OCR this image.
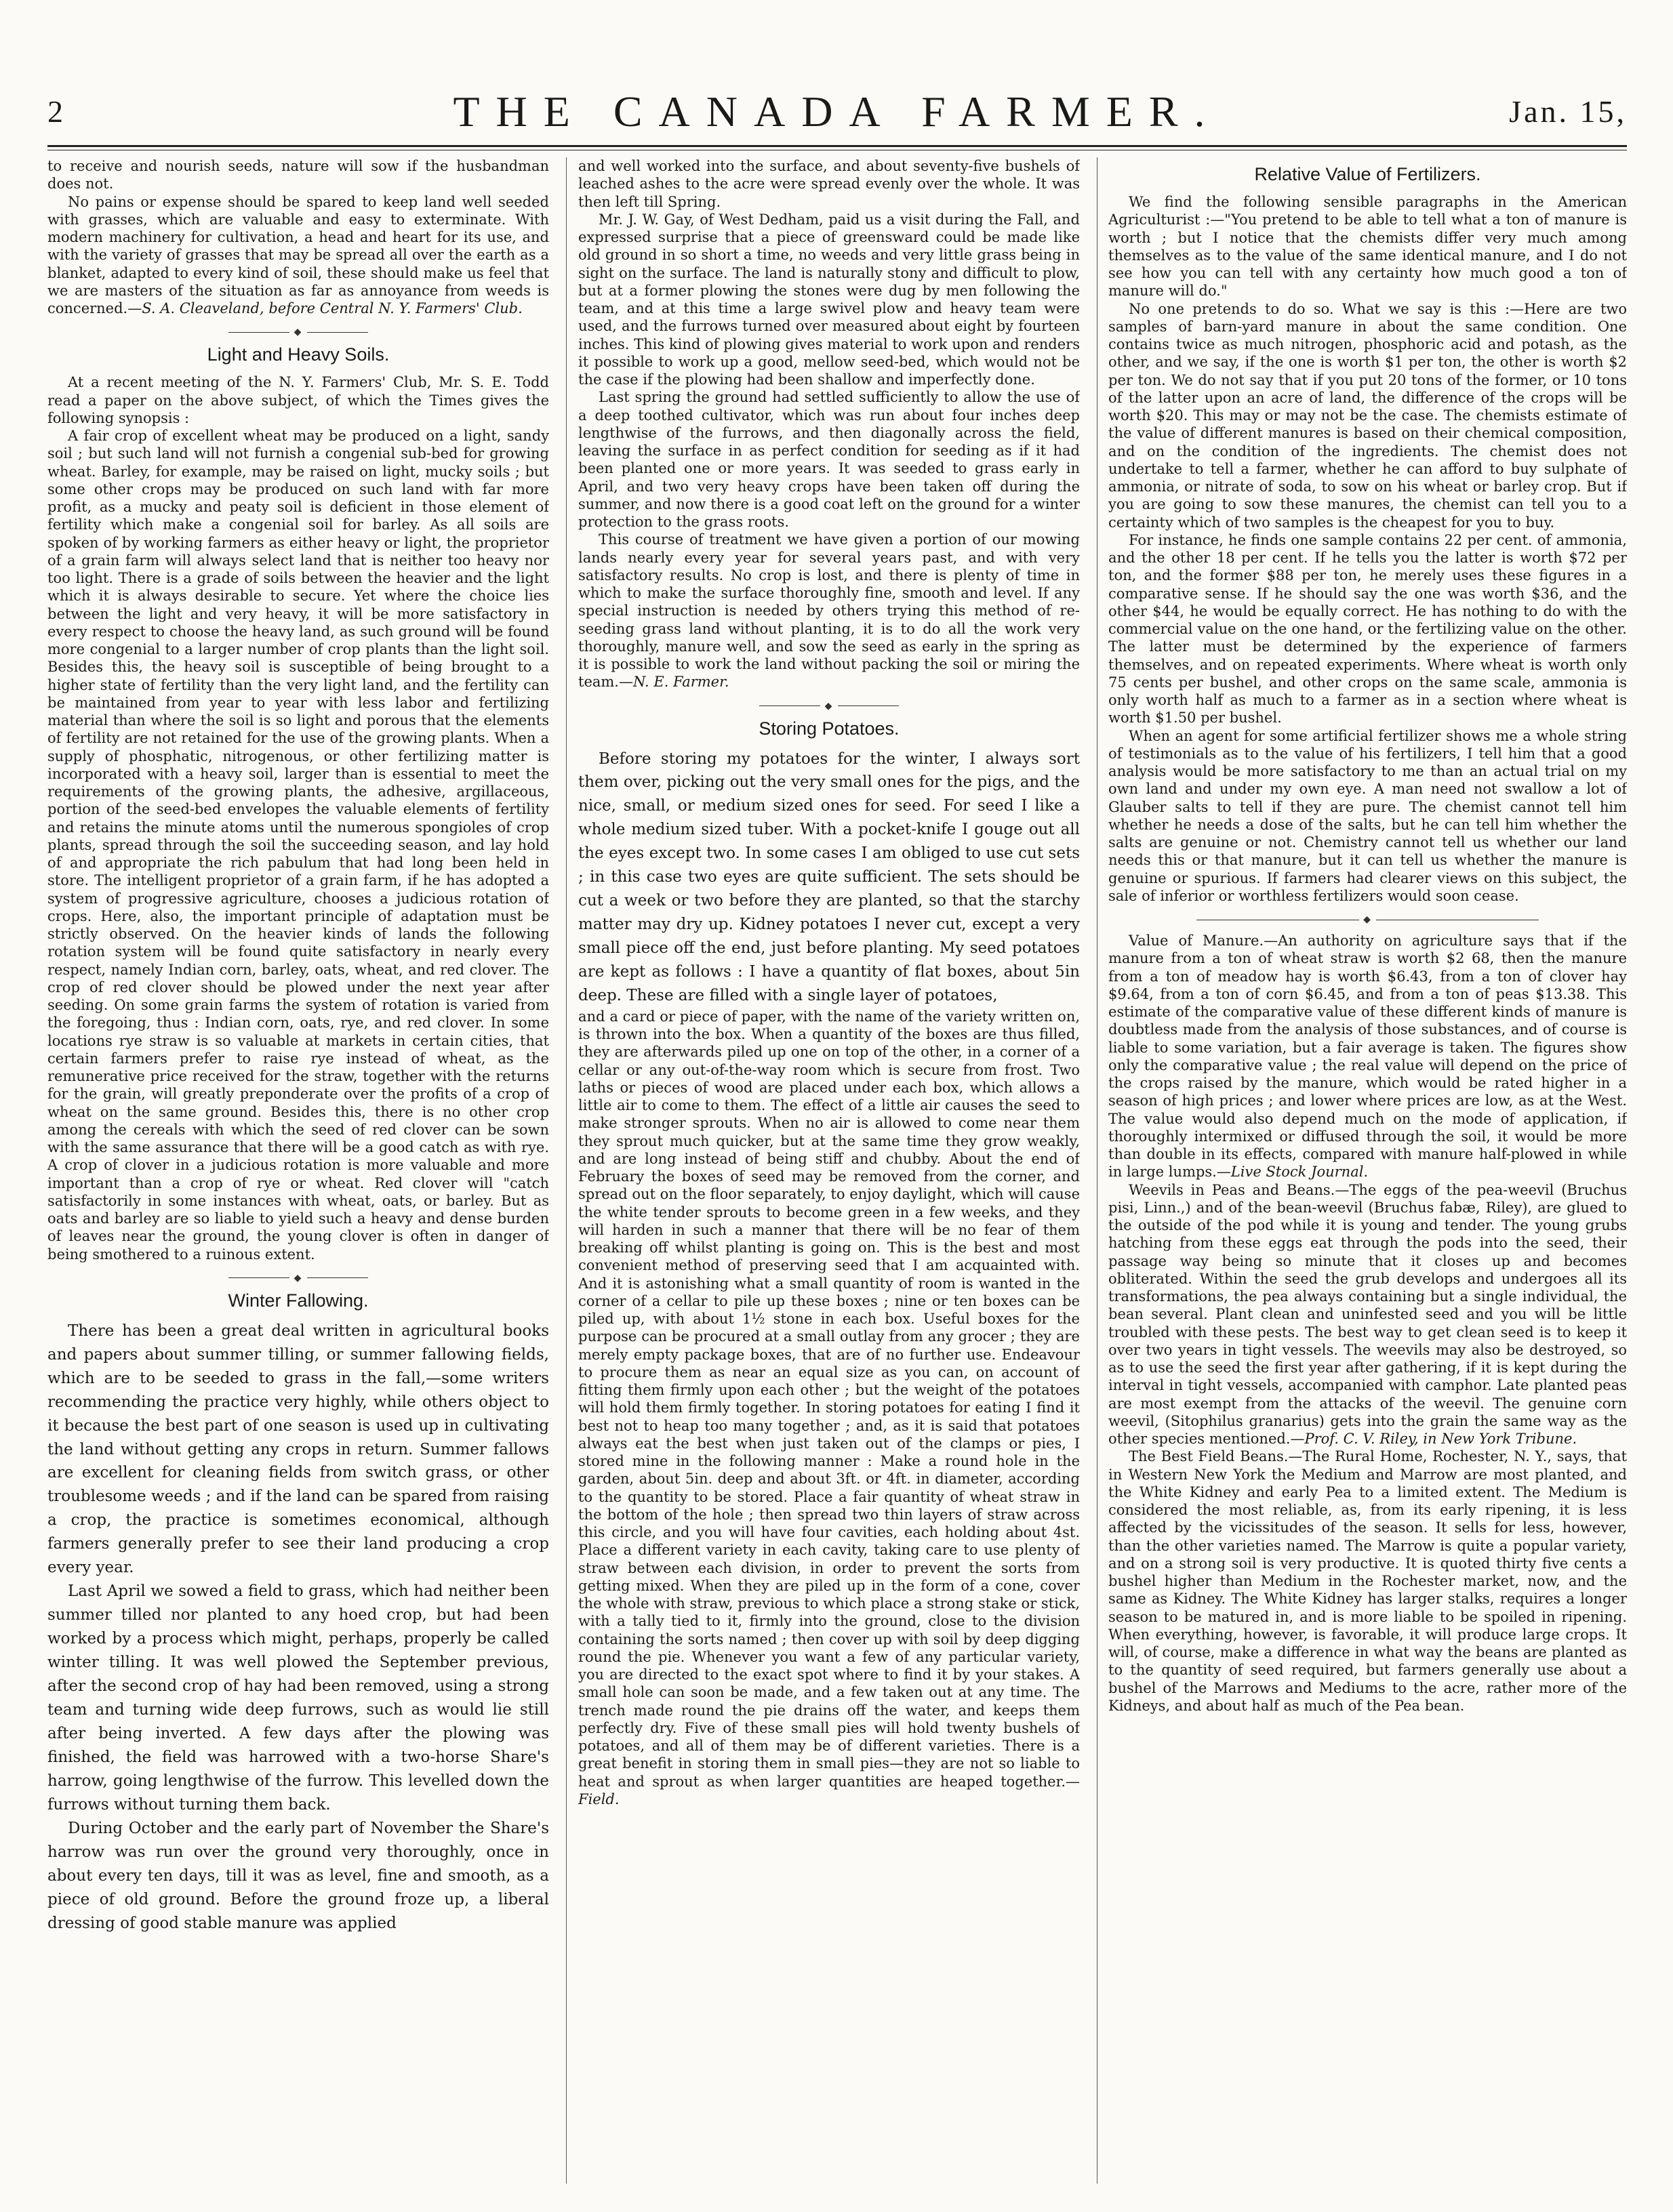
2	THE CANADA FARMER.	Jan. 15,

to receive and nourish seeds, nature will sow if the husbandman does not.

No pains or expense should be spared to keep land well seeded with grasses, which are valuable and easy to exterminate. With modern machinery for cultivation, a head and heart for its use, and with the variety of grasses that may be spread all over the earth as a blanket, adapted to every kind of soil, these should make us feel that we are masters of the situation as far as annoyance from weeds is concerned.—S. A. Cleaveland, before Central N. Y. Farmers' Club.

◆
Light and Heavy Soils.

At a recent meeting of the N. Y. Farmers' Club, Mr. S. E. Todd read a paper on the above subject, of which the Times gives the following synopsis :

A fair crop of excellent wheat may be produced on a light, sandy soil ; but such land will not furnish a congenial sub-bed for growing wheat. Barley, for example, may be raised on light, mucky soils ; but some other crops may be produced on such land with far more profit, as a mucky and peaty soil is deficient in those element of fertility which make a congenial soil for barley. As all soils are spoken of by working farmers as either heavy or light, the proprietor of a grain farm will always select land that is neither too heavy nor too light. There is a grade of soils between the heavier and the light which it is always desirable to secure. Yet where the choice lies between the light and very heavy, it will be more satisfactory in every respect to choose the heavy land, as such ground will be found more congenial to a larger number of crop plants than the light soil. Besides this, the heavy soil is susceptible of being brought to a higher state of fertility than the very light land, and the fertility can be maintained from year to year with less labor and fertilizing material than where the soil is so light and porous that the elements of fertility are not retained for the use of the growing plants. When a supply of phosphatic, nitrogenous, or other fertilizing matter is incorporated with a heavy soil, larger than is essential to meet the requirements of the growing plants, the adhesive, argillaceous, portion of the seed-bed envelopes the valuable elements of fertility and retains the minute atoms until the numerous spongioles of crop plants, spread through the soil the succeeding season, and lay hold of and appropriate the rich pabulum that had long been held in store. The intelligent proprietor of a grain farm, if he has adopted a system of progressive agriculture, chooses a judicious rotation of crops. Here, also, the important principle of adaptation must be strictly observed. On the heavier kinds of lands the following rotation system will be found quite satisfactory in nearly every respect, namely Indian corn, barley, oats, wheat, and red clover. The crop of red clover should be plowed under the next year after seeding. On some grain farms the system of rotation is varied from the foregoing, thus : Indian corn, oats, rye, and red clover. In some locations rye straw is so valuable at markets in certain cities, that certain farmers prefer to raise rye instead of wheat, as the remunerative price received for the straw, together with the returns for the grain, will greatly preponderate over the profits of a crop of wheat on the same ground. Besides this, there is no other crop among the cereals with which the seed of red clover can be sown with the same assurance that there will be a good catch as with rye. A crop of clover in a judicious rotation is more valuable and more important than a crop of rye or wheat. Red clover will "catch satisfactorily in some instances with wheat, oats, or barley. But as oats and barley are so liable to yield such a heavy and dense burden of leaves near the ground, the young clover is often in danger of being smothered to a ruinous extent.

◆
Winter Fallowing.

There has been a great deal written in agricultural books and papers about summer tilling, or summer fallowing fields, which are to be seeded to grass in the fall,—some writers recommending the practice very highly, while others object to it because the best part of one season is used up in cultivating the land without getting any crops in return. Summer fallows are excellent for cleaning fields from switch grass, or other troublesome weeds ; and if the land can be spared from raising a crop, the practice is sometimes economical, although farmers generally prefer to see their land producing a crop every year.

Last April we sowed a field to grass, which had neither been summer tilled nor planted to any hoed crop, but had been worked by a process which might, perhaps, properly be called winter tilling. It was well plowed the September previous, after the second crop of hay had been removed, using a strong team and turning wide deep furrows, such as would lie still after being inverted. A few days after the plowing was finished, the field was harrowed with a two-horse Share's harrow, going lengthwise of the furrow. This levelled down the furrows without turning them back.

During October and the early part of November the Share's harrow was run over the ground very thoroughly, once in about every ten days, till it was as level, fine and smooth, as a piece of old ground. Before the ground froze up, a liberal dressing of good stable manure was applied

and well worked into the surface, and about seventy-five bushels of leached ashes to the acre were spread evenly over the whole. It was then left till Spring.

Mr. J. W. Gay, of West Dedham, paid us a visit during the Fall, and expressed surprise that a piece of greensward could be made like old ground in so short a time, no weeds and very little grass being in sight on the surface. The land is naturally stony and difficult to plow, but at a former plowing the stones were dug by men following the team, and at this time a large swivel plow and heavy team were used, and the furrows turned over measured about eight by fourteen inches. This kind of plowing gives material to work upon and renders it possible to work up a good, mellow seed-bed, which would not be the case if the plowing had been shallow and imperfectly done.

Last spring the ground had settled sufficiently to allow the use of a deep toothed cultivator, which was run about four inches deep lengthwise of the furrows, and then diagonally across the field, leaving the surface in as perfect condition for seeding as if it had been planted one or more years. It was seeded to grass early in April, and two very heavy crops have been taken off during the summer, and now there is a good coat left on the ground for a winter protection to the grass roots.

This course of treatment we have given a portion of our mowing lands nearly every year for several years past, and with very satisfactory results. No crop is lost, and there is plenty of time in which to make the surface thoroughly fine, smooth and level. If any special instruction is needed by others trying this method of re-seeding grass land without planting, it is to do all the work very thoroughly, manure well, and sow the seed as early in the spring as it is possible to work the land without packing the soil or miring the team.—N. E. Farmer.

◆
Storing Potatoes.

Before storing my potatoes for the winter, I always sort them over, picking out the very small ones for the pigs, and the nice, small, or medium sized ones for seed. For seed I like a whole medium sized tuber. With a pocket-knife I gouge out all the eyes except two. In some cases I am obliged to use cut sets ; in this case two eyes are quite sufficient. The sets should be cut a week or two before they are planted, so that the starchy matter may dry up. Kidney potatoes I never cut, except a very small piece off the end, just before planting. My seed potatoes are kept as follows : I have a quantity of flat boxes, about 5in deep. These are filled with a single layer of potatoes,

and a card or piece of paper, with the name of the variety written on, is thrown into the box. When a quantity of the boxes are thus filled, they are afterwards piled up one on top of the other, in a corner of a cellar or any out-of-the-way room which is secure from frost. Two laths or pieces of wood are placed under each box, which allows a little air to come to them. The effect of a little air causes the seed to make stronger sprouts. When no air is allowed to come near them they sprout much quicker, but at the same time they grow weakly, and are long instead of being stiff and chubby. About the end of February the boxes of seed may be removed from the corner, and spread out on the floor separately, to enjoy daylight, which will cause the white tender sprouts to become green in a few weeks, and they will harden in such a manner that there will be no fear of them breaking off whilst planting is going on. This is the best and most convenient method of preserving seed that I am acquainted with. And it is astonishing what a small quantity of room is wanted in the corner of a cellar to pile up these boxes ; nine or ten boxes can be piled up, with about 1½ stone in each box. Useful boxes for the purpose can be procured at a small outlay from any grocer ; they are merely empty package boxes, that are of no further use. Endeavour to procure them as near an equal size as you can, on account of fitting them firmly upon each other ; but the weight of the potatoes will hold them firmly together. In storing potatoes for eating I find it best not to heap too many together ; and, as it is said that potatoes always eat the best when just taken out of the clamps or pies, I stored mine in the following manner : Make a round hole in the garden, about 5in. deep and about 3ft. or 4ft. in diameter, according to the quantity to be stored. Place a fair quantity of wheat straw in the bottom of the hole ; then spread two thin layers of straw across this circle, and you will have four cavities, each holding about 4st. Place a different variety in each cavity, taking care to use plenty of straw between each division, in order to prevent the sorts from getting mixed. When they are piled up in the form of a cone, cover the whole with straw, previous to which place a strong stake or stick, with a tally tied to it, firmly into the ground, close to the division containing the sorts named ; then cover up with soil by deep digging round the pie. Whenever you want a few of any particular variety, you are directed to the exact spot where to find it by your stakes. A small hole can soon be made, and a few taken out at any time. The trench made round the pie drains off the water, and keeps them perfectly dry. Five of these small pies will hold twenty bushels of potatoes, and all of them may be of different varieties. There is a great benefit in storing them in small pies—they are not so liable to heat and sprout as when larger quantities are heaped together.—Field.

Relative Value of Fertilizers.

We find the following sensible paragraphs in the American Agriculturist :—"You pretend to be able to tell what a ton of manure is worth ; but I notice that the chemists differ very much among themselves as to the value of the same identical manure, and I do not see how you can tell with any certainty how much good a ton of manure will do."

No one pretends to do so. What we say is this :—Here are two samples of barn-yard manure in about the same condition. One contains twice as much nitrogen, phosphoric acid and potash, as the other, and we say, if the one is worth $1 per ton, the other is worth $2 per ton. We do not say that if you put 20 tons of the former, or 10 tons of the latter upon an acre of land, the difference of the crops will be worth $20. This may or may not be the case. The chemists estimate of the value of different manures is based on their chemical composition, and on the condition of the ingredients. The chemist does not undertake to tell a farmer, whether he can afford to buy sulphate of ammonia, or nitrate of soda, to sow on his wheat or barley crop. But if you are going to sow these manures, the chemist can tell you to a certainty which of two samples is the cheapest for you to buy.

For instance, he finds one sample contains 22 per cent. of ammonia, and the other 18 per cent. If he tells you the latter is worth $72 per ton, and the former $88 per ton, he merely uses these figures in a comparative sense. If he should say the one was worth $36, and the other $44, he would be equally correct. He has nothing to do with the commercial value on the one hand, or the fertilizing value on the other. The latter must be determined by the experience of farmers themselves, and on repeated experiments. Where wheat is worth only 75 cents per bushel, and other crops on the same scale, ammonia is only worth half as much to a farmer as in a section where wheat is worth $1.50 per bushel.

When an agent for some artificial fertilizer shows me a whole string of testimonials as to the value of his fertilizers, I tell him that a good analysis would be more satisfactory to me than an actual trial on my own land and under my own eye. A man need not swallow a lot of Glauber salts to tell if they are pure. The chemist cannot tell him whether he needs a dose of the salts, but he can tell him whether the salts are genuine or not. Chemistry cannot tell us whether our land needs this or that manure, but it can tell us whether the manure is genuine or spurious. If farmers had clearer views on this subject, the sale of inferior or worthless fertilizers would soon cease.

◆

Value of Manure.—An authority on agriculture says that if the manure from a ton of wheat straw is worth $2 68, then the manure from a ton of meadow hay is worth $6.43, from a ton of clover hay $9.64, from a ton of corn $6.45, and from a ton of peas $13.38. This estimate of the comparative value of these different kinds of manure is doubtless made from the analysis of those substances, and of course is liable to some variation, but a fair average is taken. The figures show only the comparative value ; the real value will depend on the price of the crops raised by the manure, which would be rated higher in a season of high prices ; and lower where prices are low, as at the West. The value would also depend much on the mode of application, if thoroughly intermixed or diffused through the soil, it would be more than double in its effects, compared with manure half-plowed in while in large lumps.—Live Stock Journal.

Weevils in Peas and Beans.—The eggs of the pea-weevil (Bruchus pisi, Linn.,) and of the bean-weevil (Bruchus fabæ, Riley), are glued to the outside of the pod while it is young and tender. The young grubs hatching from these eggs eat through the pods into the seed, their passage way being so minute that it closes up and becomes obliterated. Within the seed the grub develops and undergoes all its transformations, the pea always containing but a single individual, the bean several. Plant clean and uninfested seed and you will be little troubled with these pests. The best way to get clean seed is to keep it over two years in tight vessels. The weevils may also be destroyed, so as to use the seed the first year after gathering, if it is kept during the interval in tight vessels, accompanied with camphor. Late planted peas are most exempt from the attacks of the weevil. The genuine corn weevil, (Sitophilus granarius) gets into the grain the same way as the other species mentioned.—Prof. C. V. Riley, in New York Tribune.

The Best Field Beans.—The Rural Home, Rochester, N. Y., says, that in Western New York the Medium and Marrow are most planted, and the White Kidney and early Pea to a limited extent. The Medium is considered the most reliable, as, from its early ripening, it is less affected by the vicissitudes of the season. It sells for less, however, than the other varieties named. The Marrow is quite a popular variety, and on a strong soil is very productive. It is quoted thirty five cents a bushel higher than Medium in the Rochester market, now, and the same as Kidney. The White Kidney has larger stalks, requires a longer season to be matured in, and is more liable to be spoiled in ripening. When everything, however, is favorable, it will produce large crops. It will, of course, make a difference in what way the beans are planted as to the quantity of seed required, but farmers generally use about a bushel of the Marrows and Mediums to the acre, rather more of the Kidneys, and about half as much of the Pea bean.
